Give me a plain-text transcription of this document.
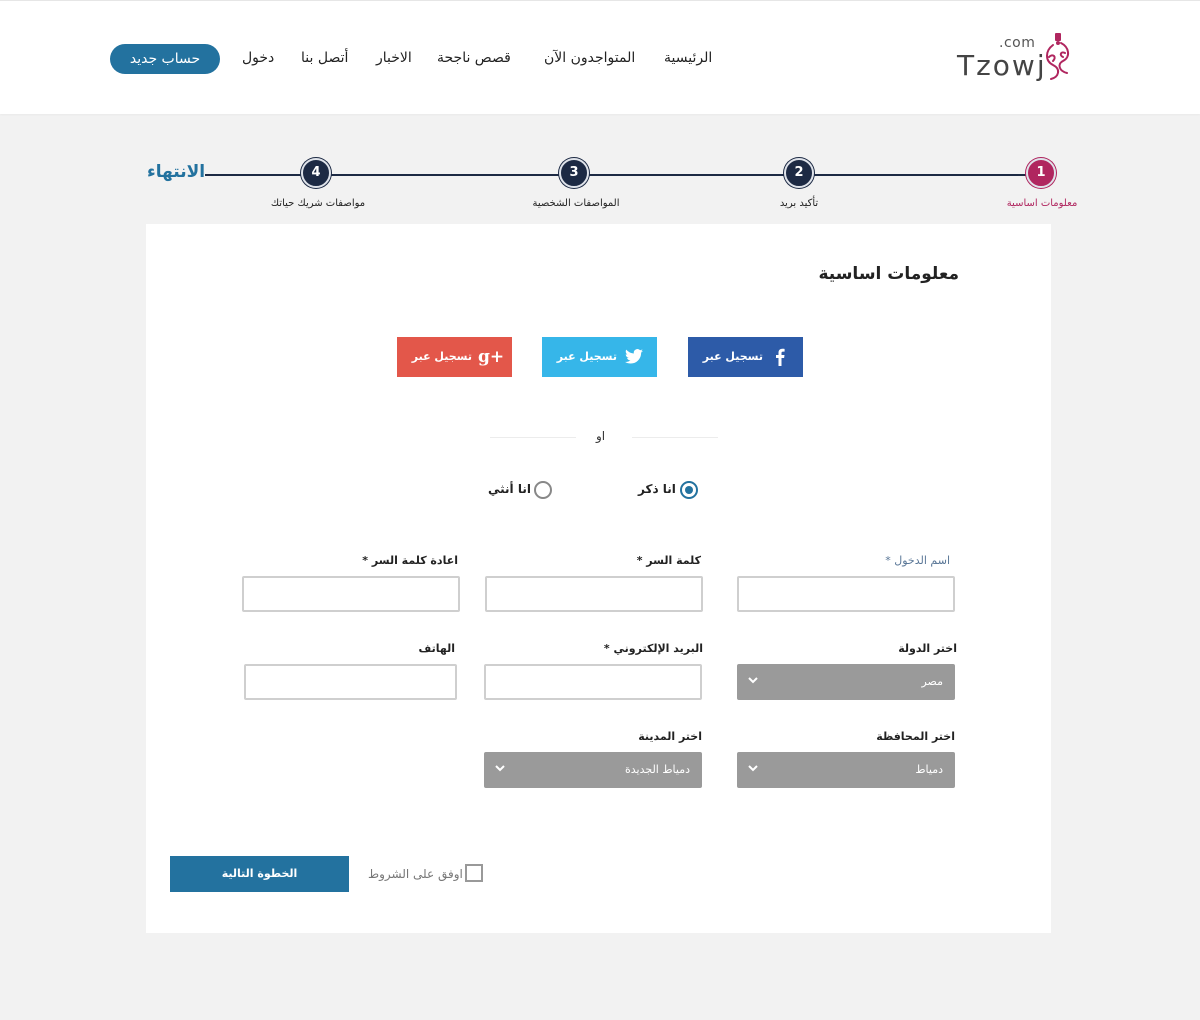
.com
Tzowj
الرئيسية
المتواجدون الآن
قصص ناجحة
الاخبار
أتصل بنا
دخول
حساب جديد
1
2
3
4
معلومات اساسية
تأكيد بريد
المواصفات الشخصية
مواصفات شريك حياتك
الانتهاء
معلومات اساسية
تسجيل عبر
تسجيل عبر
تسجيل عبر g+
او
انا ذكر
انا أنثي
* اسم الدخول
* كلمة السر
* اعادة كلمة السر
اختر الدولة
* البريد الإلكتروني
الهاتف
مصر
اختر المحافظة
اختر المدينة
دمياط
دمياط الجديدة
اوفق على الشروط
الخطوة التالية
